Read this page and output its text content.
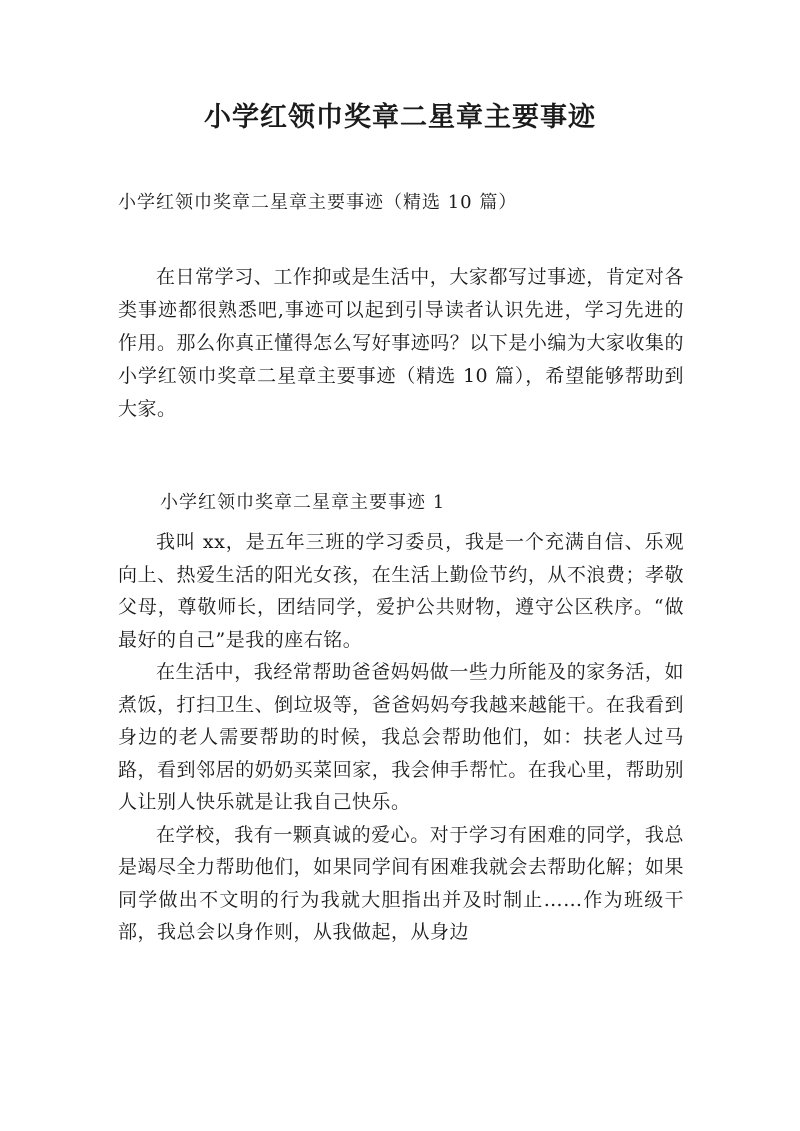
小学红领巾奖章二星章主要事迹
小学红领巾奖章二星章主要事迹（精选 10 篇）

在日常学习、工作抑或是生活中，大家都写过事迹，肯定对各类事迹都很熟悉吧,事迹可以起到引导读者认识先进，学习先进的作用。那么你真正懂得怎么写好事迹吗？以下是小编为大家收集的小学红领巾奖章二星章主要事迹（精选 10 篇），希望能够帮助到大家。

小学红领巾奖章二星章主要事迹 1

我叫 xx，是五年三班的学习委员，我是一个充满自信、乐观向上、热爱生活的阳光女孩，在生活上勤俭节约，从不浪费；孝敬父母，尊敬师长，团结同学，爱护公共财物，遵守公区秩序。“做最好的自己”是我的座右铭。

在生活中，我经常帮助爸爸妈妈做一些力所能及的家务活，如煮饭，打扫卫生、倒垃圾等，爸爸妈妈夸我越来越能干。在我看到身边的老人需要帮助的时候，我总会帮助他们，如：扶老人过马路，看到邻居的奶奶买菜回家，我会伸手帮忙。在我心里，帮助别人让别人快乐就是让我自己快乐。

在学校，我有一颗真诚的爱心。对于学习有困难的同学，我总是竭尽全力帮助他们，如果同学间有困难我就会去帮助化解；如果同学做出不文明的行为我就大胆指出并及时制止……作为班级干部，我总会以身作则，从我做起，从身边
